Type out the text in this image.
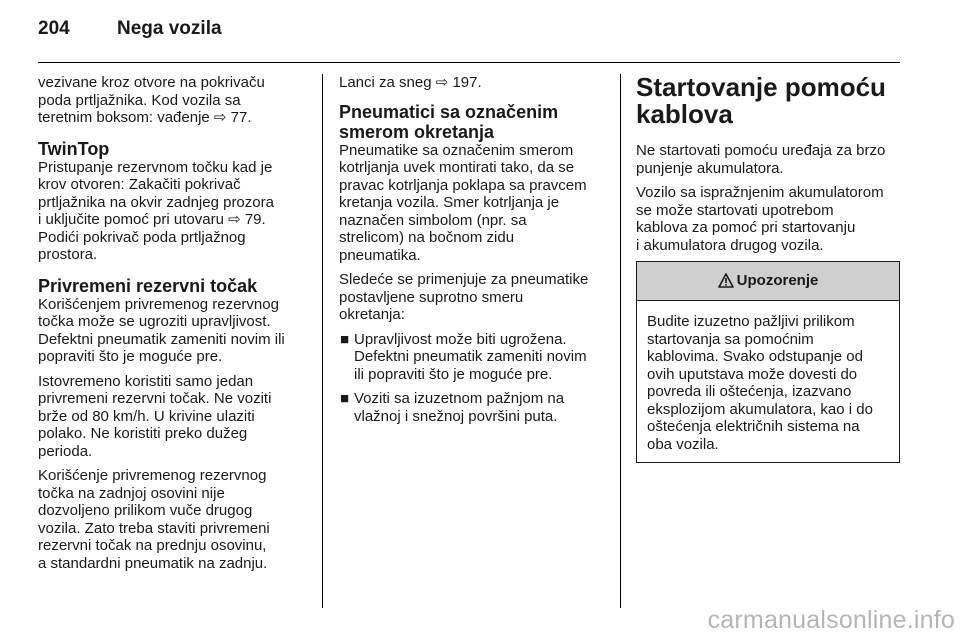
204 Nega vozila

vezivane kroz otvore na pokrivaču
poda prtljažnika. Kod vozila sa
teretnim boksom: vađenje ⇨ 77.

TwinTop

Pristupanje rezervnom točku kad je
krov otvoren: Zakačiti pokrivač
prtljažnika na okvir zadnjeg prozora
i uključite pomoć pri utovaru ⇨ 79.
Podići pokrivač poda prtljažnog
prostora.

Privremeni rezervni točak

Korišćenjem privremenog rezervnog
točka može se ugroziti upravljivost.
Defektni pneumatik zameniti novim ili
popraviti što je moguće pre.

Istovremeno koristiti samo jedan
privremeni rezervni točak. Ne voziti
brže od 80 km/h. U krivine ulaziti
polako. Ne koristiti preko dužeg
perioda.

Korišćenje privremenog rezervnog
točka na zadnjoj osovini nije
dozvoljeno prilikom vuče drugog
vozila. Zato treba staviti privremeni
rezervni točak na prednju osovinu,
a standardni pneumatik na zadnju.

Lanci za sneg ⇨ 197.

Pneumatici sa označenim
smerom okretanja

Pneumatike sa označenim smerom
kotrljanja uvek montirati tako, da se
pravac kotrljanja poklapa sa pravcem
kretanja vozila. Smer kotrljanja je
naznačen simbolom (npr. sa
strelicom) na bočnom zidu
pneumatika.

Sledeće se primenjuje za pneumatike
postavljene suprotno smeru
okretanja:

■ Upravljivost može biti ugrožena.
Defektni pneumatik zameniti novim
ili popraviti što je moguće pre.
■ Voziti sa izuzetnom pažnjom na
vlažnoj i snežnoj površini puta.
Startovanje pomoću
kablova

Ne startovati pomoću uređaja za brzo
punjenje akumulatora.

Vozilo sa ispražnjenim akumulatorom
se može startovati upotrebom
kablova za pomoć pri startovanju
i akumulatora drugog vozila.

Upozorenje
Budite izuzetno pažljivi prilikom
startovanja sa pomoćnim
kablovima. Svako odstupanje od
ovih uputstava može dovesti do
povreda ili oštećenja, izazvano
eksplozijom akumulatora, kao i do
oštećenja električnih sistema na
oba vozila.
carmanualsonline.info
